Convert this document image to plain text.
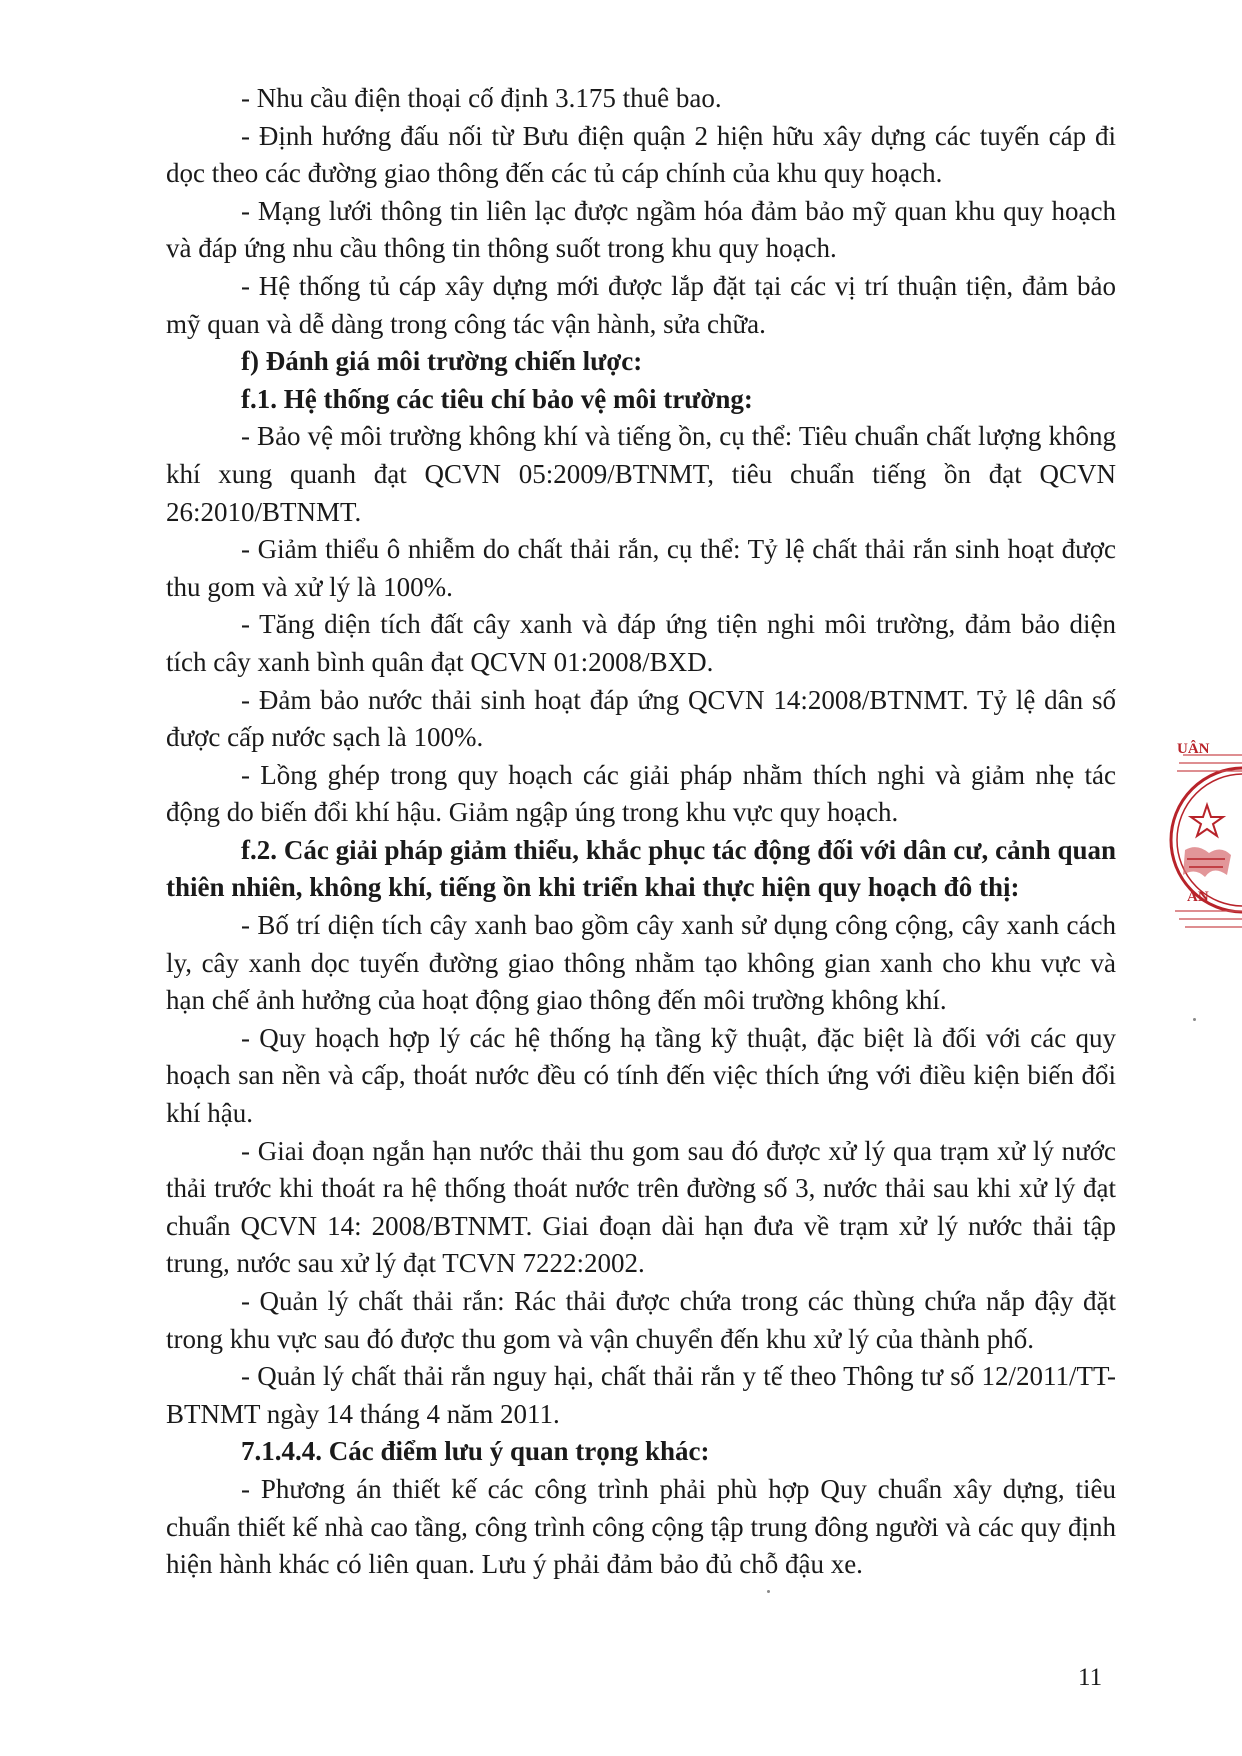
- Nhu cầu điện thoại cố định 3.175 thuê bao.

- Định hướng đấu nối từ Bưu điện quận 2 hiện hữu xây dựng các tuyến cáp đi dọc theo các đường giao thông đến các tủ cáp chính của khu quy hoạch.

- Mạng lưới thông tin liên lạc được ngầm hóa đảm bảo mỹ quan khu quy hoạch và đáp ứng nhu cầu thông tin thông suốt trong khu quy hoạch.

- Hệ thống tủ cáp xây dựng mới được lắp đặt tại các vị trí thuận tiện, đảm bảo mỹ quan và dễ dàng trong công tác vận hành, sửa chữa.

f) Đánh giá môi trường chiến lược:

f.1. Hệ thống các tiêu chí bảo vệ môi trường:

- Bảo vệ môi trường không khí và tiếng ồn, cụ thể: Tiêu chuẩn chất lượng không khí xung quanh đạt QCVN 05:2009/BTNMT, tiêu chuẩn tiếng ồn đạt QCVN 26:2010/BTNMT.

- Giảm thiểu ô nhiễm do chất thải rắn, cụ thể: Tỷ lệ chất thải rắn sinh hoạt được thu gom và xử lý là 100%.

- Tăng diện tích đất cây xanh và đáp ứng tiện nghi môi trường, đảm bảo diện tích cây xanh bình quân đạt QCVN 01:2008/BXD.

- Đảm bảo nước thải sinh hoạt đáp ứng QCVN 14:2008/BTNMT. Tỷ lệ dân số được cấp nước sạch là 100%.

- Lồng ghép trong quy hoạch các giải pháp nhằm thích nghi và giảm nhẹ tác động do biến đổi khí hậu. Giảm ngập úng trong khu vực quy hoạch.

f.2. Các giải pháp giảm thiểu, khắc phục tác động đối với dân cư, cảnh quan thiên nhiên, không khí, tiếng ồn khi triển khai thực hiện quy hoạch đô thị:

- Bố trí diện tích cây xanh bao gồm cây xanh sử dụng công cộng, cây xanh cách ly, cây xanh dọc tuyến đường giao thông nhằm tạo không gian xanh cho khu vực và hạn chế ảnh hưởng của hoạt động giao thông đến môi trường không khí.

- Quy hoạch hợp lý các hệ thống hạ tầng kỹ thuật, đặc biệt là đối với các quy hoạch san nền và cấp, thoát nước đều có tính đến việc thích ứng với điều kiện biến đổi khí hậu.

- Giai đoạn ngắn hạn nước thải thu gom sau đó được xử lý qua trạm xử lý nước thải trước khi thoát ra hệ thống thoát nước trên đường số 3, nước thải sau khi xử lý đạt chuẩn QCVN 14: 2008/BTNMT. Giai đoạn dài hạn đưa về trạm xử lý nước thải tập trung, nước sau xử lý đạt TCVN 7222:2002.

- Quản lý chất thải rắn: Rác thải được chứa trong các thùng chứa nắp đậy đặt trong khu vực sau đó được thu gom và vận chuyển đến khu xử lý của thành phố.

- Quản lý chất thải rắn nguy hại, chất thải rắn y tế theo Thông tư số 12/2011/TT-BTNMT ngày 14 tháng 4 năm 2011.

7.1.4.4. Các điểm lưu ý quan trọng khác:

- Phương án thiết kế các công trình phải phù hợp Quy chuẩn xây dựng, tiêu chuẩn thiết kế nhà cao tầng, công trình công cộng tập trung đông người và các quy định hiện hành khác có liên quan. Lưu ý phải đảm bảo đủ chỗ đậu xe.

11
UÂN
AN
